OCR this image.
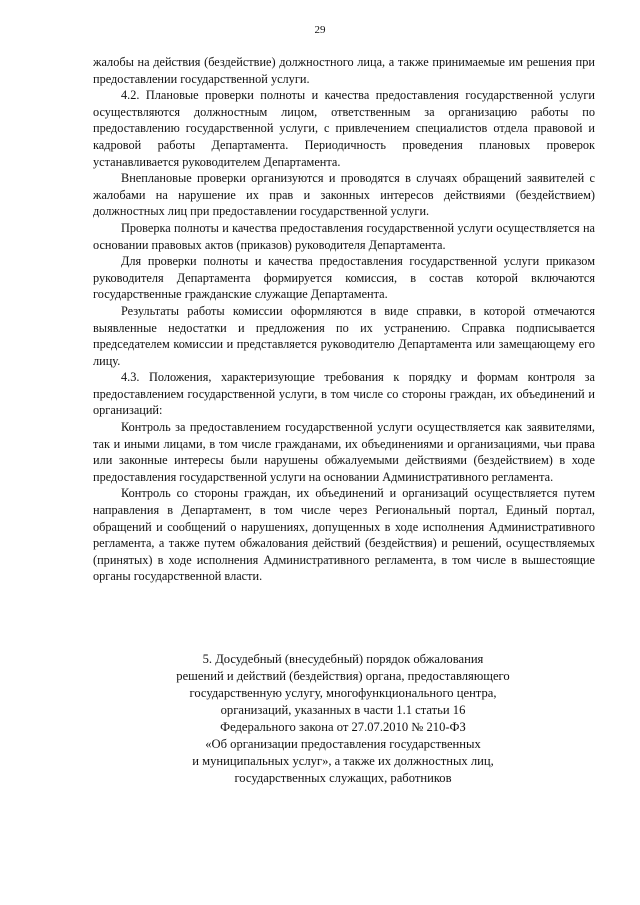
29

жалобы на действия (бездействие) должностного лица, а также принимаемые им решения при предоставлении государственной услуги.

4.2. Плановые проверки полноты и качества предоставления государственной услуги осуществляются должностным лицом, ответственным за организацию работы по предоставлению государственной услуги, с привлечением специалистов отдела правовой и кадровой работы Департамента. Периодичность проведения плановых проверок устанавливается руководителем Департамента.

Внеплановые проверки организуются и проводятся в случаях обращений заявителей с жалобами на нарушение их прав и законных интересов действиями (бездействием) должностных лиц при предоставлении государственной услуги.

Проверка полноты и качества предоставления государственной услуги осуществляется на основании правовых актов (приказов) руководителя Департамента.

Для проверки полноты и качества предоставления государственной услуги приказом руководителя Департамента формируется комиссия, в состав которой включаются государственные гражданские служащие Департамента.

Результаты работы комиссии оформляются в виде справки, в которой отмечаются выявленные недостатки и предложения по их устранению. Справка подписывается председателем комиссии и представляется руководителю Департамента или замещающему его лицу.

4.3. Положения, характеризующие требования к порядку и формам контроля за предоставлением государственной услуги, в том числе со стороны граждан, их объединений и организаций:

Контроль за предоставлением государственной услуги осуществляется как заявителями, так и иными лицами, в том числе гражданами, их объединениями и организациями, чьи права или законные интересы были нарушены обжалуемыми действиями (бездействием) в ходе предоставления государственной услуги на основании Административного регламента.

Контроль со стороны граждан, их объединений и организаций осуществляется путем направления в Департамент, в том числе через Региональный портал, Единый портал, обращений и сообщений о нарушениях, допущенных в ходе исполнения Административного регламента, а также путем обжалования действий (бездействия) и решений, осуществляемых (принятых) в ходе исполнения Административного регламента, в том числе в вышестоящие органы государственной власти.

5. Досудебный (внесудебный) порядок обжалования
решений и действий (бездействия) органа, предоставляющего
государственную услугу, многофункционального центра,
организаций, указанных в части 1.1 статьи 16
Федерального закона от 27.07.2010 № 210-ФЗ
«Об организации предоставления государственных
и муниципальных услуг», а также их должностных лиц,
государственных служащих, работников
